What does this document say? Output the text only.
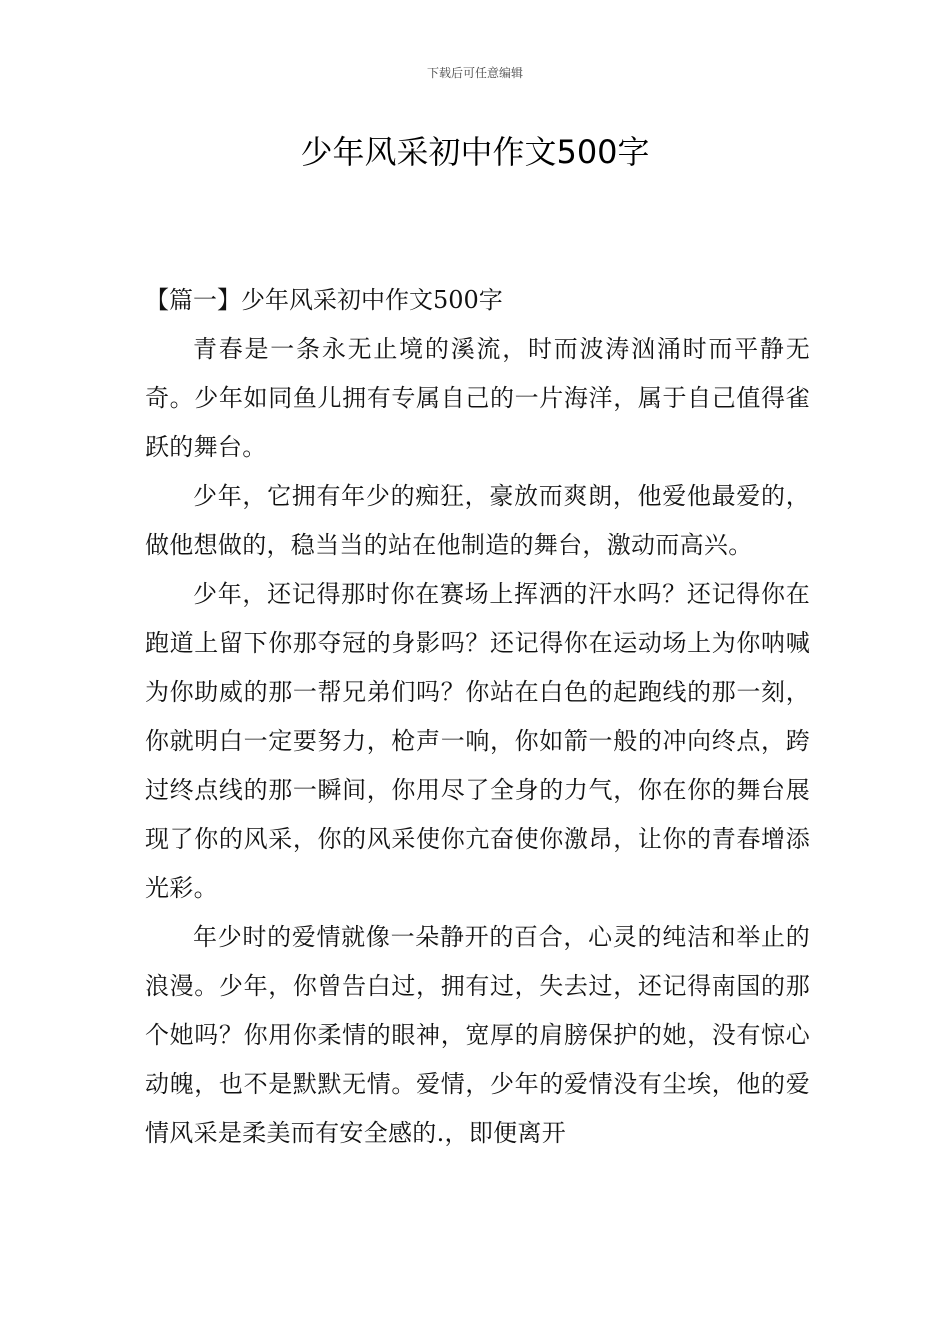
下载后可任意编辑
少年风采初中作文500字

【篇一】少年风采初中作文500字

青春是一条永无止境的溪流，时而波涛汹涌时而平静无奇。少年如同鱼儿拥有专属自己的一片海洋，属于自己值得雀跃的舞台。

少年，它拥有年少的痴狂，豪放而爽朗，他爱他最爱的，做他想做的，稳当当的站在他制造的舞台，激动而高兴。

少年，还记得那时你在赛场上挥洒的汗水吗？还记得你在跑道上留下你那夺冠的身影吗？还记得你在运动场上为你呐喊为你助威的那一帮兄弟们吗？你站在白色的起跑线的那一刻，你就明白一定要努力，枪声一响，你如箭一般的冲向终点，跨过终点线的那一瞬间，你用尽了全身的力气，你在你的舞台展现了你的风采，你的风采使你亢奋使你激昂，让你的青春增添光彩。

年少时的爱情就像一朵静开的百合，心灵的纯洁和举止的浪漫。少年，你曾告白过，拥有过，失去过，还记得南国的那个她吗？你用你柔情的眼神，宽厚的肩膀保护的她，没有惊心动魄，也不是默默无情。爱情，少年的爱情没有尘埃，他的爱情风采是柔美而有安全感的.，即便离开
